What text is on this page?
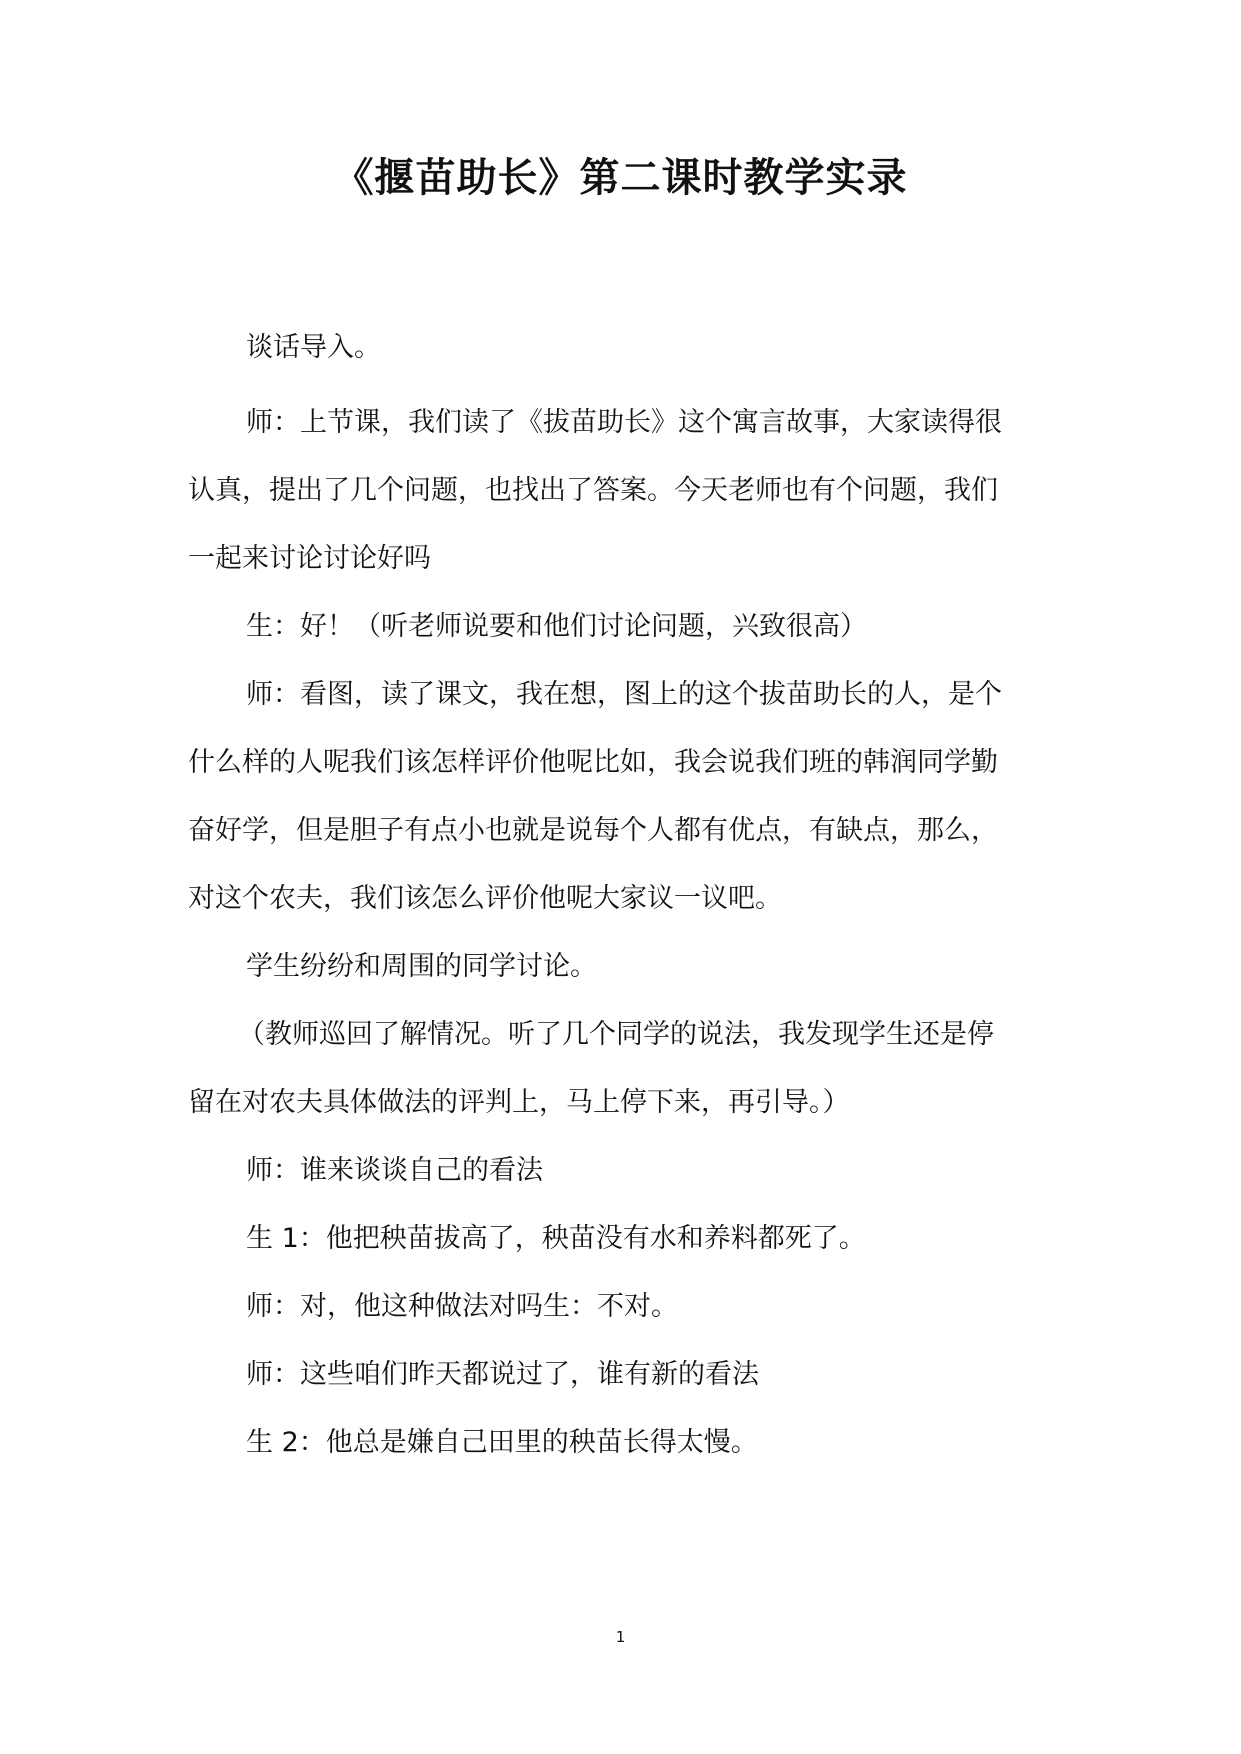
《揠苗助长》第二课时教学实录
谈话导入。
师：上节课，我们读了《拔苗助长》这个寓言故事，大家读得很
认真，提出了几个问题，也找出了答案。今天老师也有个问题，我们
一起来讨论讨论好吗
生：好！（听老师说要和他们讨论问题，兴致很高）
师：看图，读了课文，我在想，图上的这个拔苗助长的人，是个
什么样的人呢我们该怎样评价他呢比如，我会说我们班的韩润同学勤
奋好学，但是胆子有点小也就是说每个人都有优点，有缺点，那么，
对这个农夫，我们该怎么评价他呢大家议一议吧。
学生纷纷和周围的同学讨论。
（教师巡回了解情况。听了几个同学的说法，我发现学生还是停
留在对农夫具体做法的评判上，马上停下来，再引导。）
师：谁来谈谈自己的看法
生 1：他把秧苗拔高了，秧苗没有水和养料都死了。
师：对，他这种做法对吗生：不对。
师：这些咱们昨天都说过了，谁有新的看法
生 2：他总是嫌自己田里的秧苗长得太慢。
1
